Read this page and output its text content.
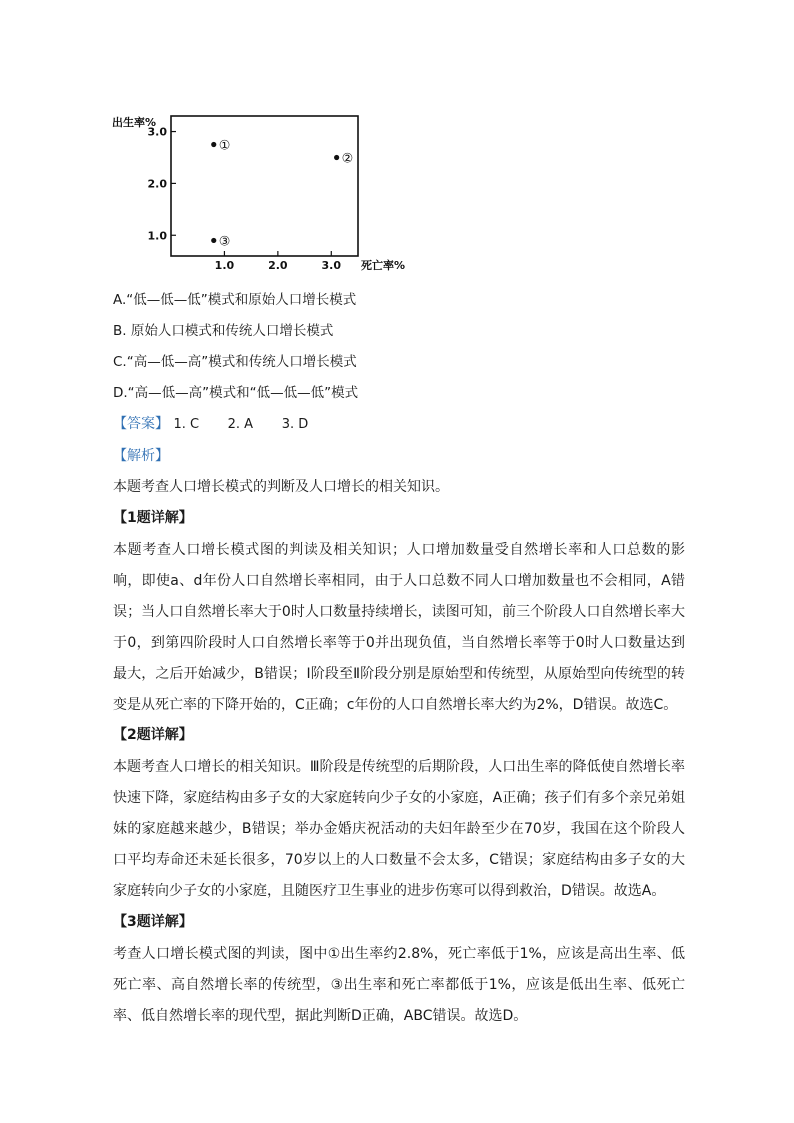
1.0
2.0
3.0
1.0	2.0	3.0
出生率%
死亡率%
①
②
③
A.“低—低—低”模式和原始人口增长模式
B. 原始人口模式和传统人口增长模式
C.“高—低—高”模式和传统人口增长模式
D.“高—低—高”模式和“低—低—低”模式
【答案】 1. C 2. A 3. D
【解析】
本题考查人口增长模式的判断及人口增长的相关知识。
【1题详解】
本题考查人口增长模式图的判读及相关知识；人口增加数量受自然增长率和人口总数的影响，即使a、d年份人口自然增长率相同，由于人口总数不同人口增加数量也不会相同，A错误；当人口自然增长率大于0时人口数量持续增长，读图可知，前三个阶段人口自然增长率大于0，到第四阶段时人口自然增长率等于0并出现负值，当自然增长率等于0时人口数量达到最大，之后开始减少，B错误；Ⅰ阶段至Ⅱ阶段分别是原始型和传统型，从原始型向传统型的转变是从死亡率的下降开始的，C正确；c年份的人口自然增长率大约为2%，D错误。故选C。
【2题详解】
本题考查人口增长的相关知识。Ⅲ阶段是传统型的后期阶段，人口出生率的降低使自然增长率快速下降，家庭结构由多子女的大家庭转向少子女的小家庭，A正确；孩子们有多个亲兄弟姐妹的家庭越来越少，B错误；举办金婚庆祝活动的夫妇年龄至少在70岁，我国在这个阶段人口平均寿命还未延长很多，70岁以上的人口数量不会太多，C错误；家庭结构由多子女的大家庭转向少子女的小家庭，且随医疗卫生事业的进步伤寒可以得到救治，D错误。故选A。
【3题详解】
考查人口增长模式图的判读，图中①出生率约2.8%，死亡率低于1%，应该是高出生率、低死亡率、高自然增长率的传统型，③出生率和死亡率都低于1%，应该是低出生率、低死亡率、低自然增长率的现代型，据此判断D正确，ABC错误。故选D。
